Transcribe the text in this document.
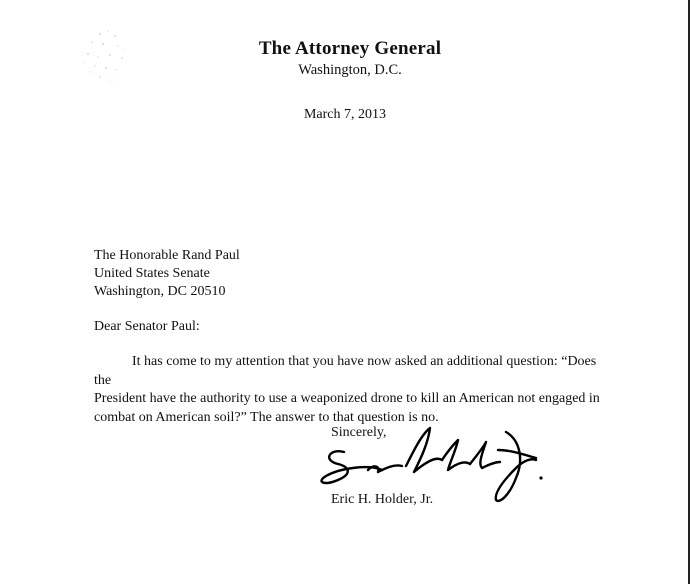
The Attorney General
Washington, D.C.
March 7, 2013
The Honorable Rand Paul
United States Senate
Washington, DC 20510
Dear Senator Paul:
It has come to my attention that you have now asked an additional question: “Does the
President have the authority to use a weaponized drone to kill an American not engaged in
combat on American soil?” The answer to that question is no.
Sincerely,
Eric H. Holder, Jr.
